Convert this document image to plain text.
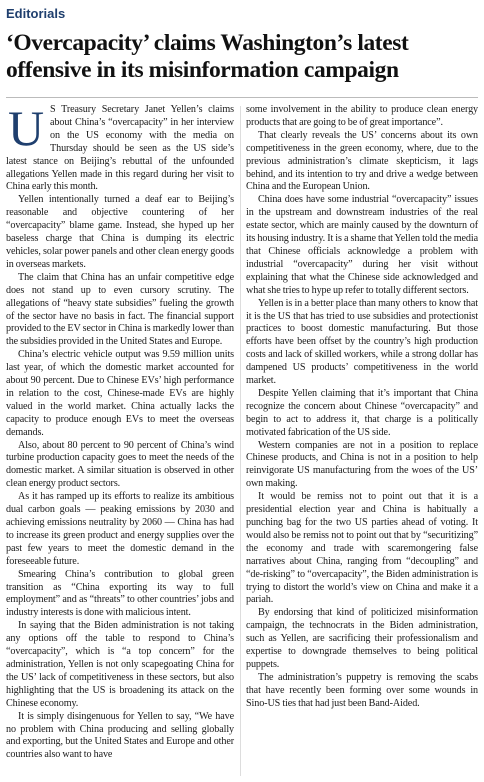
Editorials
‘Overcapacity’ claims Washington’s latest offensive in its misinformation campaign

U S Treasury Secretary Janet Yellen’s claims about China’s “overcapacity” in her interview on the US economy with the media on Thursday should be seen as the US side’s latest stance on Beijing’s rebuttal of the unfounded allegations Yellen made in this regard during her visit to China early this month.

Yellen intentionally turned a deaf ear to Beijing’s reasonable and objective countering of her “overcapacity” blame game. Instead, she hyped up her baseless charge that China is dumping its electric vehicles, solar power panels and other clean energy goods in overseas markets.

The claim that China has an unfair competitive edge does not stand up to even cursory scrutiny. The allegations of “heavy state subsidies” fueling the growth of the sector have no basis in fact. The financial support provided to the EV sector in China is markedly lower than the subsidies provided in the United States and Europe.

China’s electric vehicle output was 9.59 million units last year, of which the domestic market accounted for about 90 percent. Due to Chinese EVs’ high performance in relation to the cost, Chinese-made EVs are highly valued in the world market. China actually lacks the capacity to produce enough EVs to meet the overseas demands.

Also, about 80 percent to 90 percent of China’s wind turbine production capacity goes to meet the needs of the domestic market. A similar situation is observed in other clean energy product sectors.

As it has ramped up its efforts to realize its ambitious dual carbon goals — peaking emissions by 2030 and achieving emissions neutrality by 2060 — China has had to increase its green product and energy supplies over the past few years to meet the domestic demand in the foreseeable future.

Smearing China’s contribution to global green transition as “China exporting its way to full employment” and as “threats” to other countries’ jobs and industry interests is done with malicious intent.

In saying that the Biden administration is not taking any options off the table to respond to China’s “overcapacity”, which is “a top concern” for the administration, Yellen is not only scapegoating China for the US’ lack of competitiveness in these sectors, but also highlighting that the US is broadening its attack on the Chinese economy.

It is simply disingenuous for Yellen to say, “We have no problem with China producing and selling globally and exporting, but the United States and Europe and other countries also want to have

some involvement in the ability to produce clean energy products that are going to be of great importance”.

That clearly reveals the US’ concerns about its own competitiveness in the green economy, where, due to the previous administration’s climate skepticism, it lags behind, and its intention to try and drive a wedge between China and the European Union.

China does have some industrial “overcapacity” issues in the upstream and downstream industries of the real estate sector, which are mainly caused by the downturn of its housing industry. It is a shame that Yellen told the media that Chinese officials acknowledge a problem with industrial “overcapacity” during her visit without explaining that what the Chinese side acknowledged and what she tries to hype up refer to totally different sectors.

Yellen is in a better place than many others to know that it is the US that has tried to use subsidies and protectionist practices to boost domestic manufacturing. But those efforts have been offset by the country’s high production costs and lack of skilled workers, while a strong dollar has dampened US products’ competitiveness in the world market.

Despite Yellen claiming that it’s important that China recognize the concern about Chinese “overcapacity” and begin to act to address it, that charge is a politically motivated fabrication of the US side.

Western companies are not in a position to replace Chinese products, and China is not in a position to help reinvigorate US manufacturing from the woes of the US’ own making.

It would be remiss not to point out that it is a presidential election year and China is habitually a punching bag for the two US parties ahead of voting. It would also be remiss not to point out that by “securitizing” the economy and trade with scaremongering false narratives about China, ranging from “decoupling” and “de-risking” to “overcapacity”, the Biden administration is trying to distort the world’s view on China and make it a pariah.

By endorsing that kind of politicized misinformation campaign, the technocrats in the Biden administration, such as Yellen, are sacrificing their professionalism and expertise to downgrade themselves to being political puppets.

The administration’s puppetry is removing the scabs that have recently been forming over some wounds in Sino-US ties that had just been Band-Aided.
